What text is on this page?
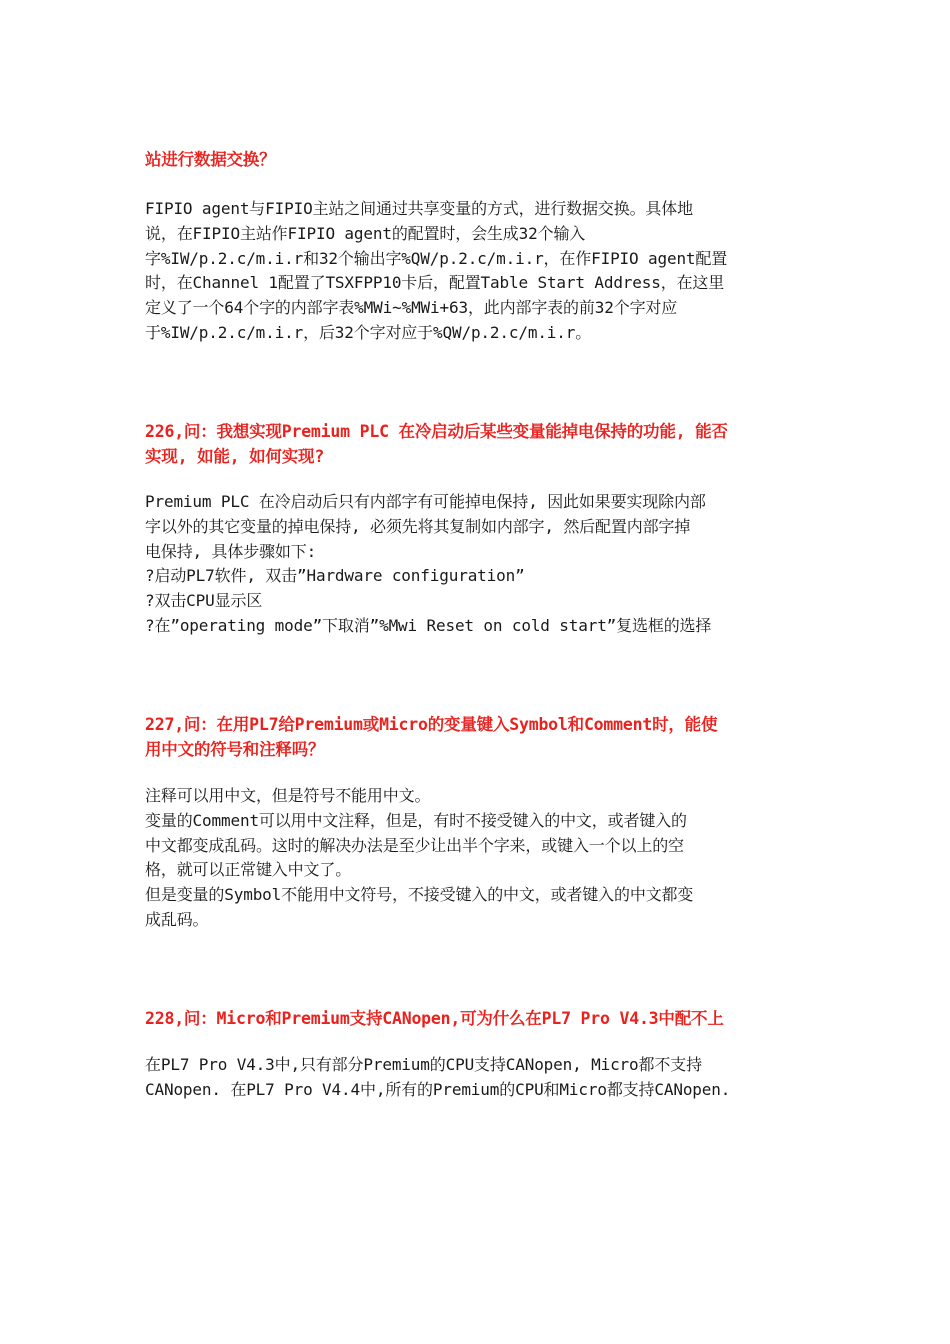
站进行数据交换？
FIPIO agent与FIPIO主站之间通过共享变量的方式，进行数据交换。具体地
说，在FIPIO主站作FIPIO agent的配置时，会生成32个输入
字%IW/p.2.c/m.i.r和32个输出字%QW/p.2.c/m.i.r，在作FIPIO agent配置
时，在Channel 1配置了TSXFPP10卡后，配置Table Start Address，在这里
定义了一个64个字的内部字表%MWi~%MWi+63，此内部字表的前32个字对应
于%IW/p.2.c/m.i.r，后32个字对应于%QW/p.2.c/m.i.r。
226,问：我想实现Premium PLC 在冷启动后某些变量能掉电保持的功能, 能否
实现, 如能, 如何实现?
Premium PLC 在冷启动后只有内部字有可能掉电保持, 因此如果要实现除内部
字以外的其它变量的掉电保持, 必须先将其复制如内部字, 然后配置内部字掉
电保持, 具体步骤如下:
?启动PL7软件, 双击”Hardware configuration”
?双击CPU显示区
?在”operating mode”下取消”%Mwi Reset on cold start”复选框的选择
227,问：在用PL7给Premium或Micro的变量键入Symbol和Comment时，能使
用中文的符号和注释吗？
注释可以用中文，但是符号不能用中文。
变量的Comment可以用中文注释，但是，有时不接受键入的中文，或者键入的
中文都变成乱码。这时的解决办法是至少让出半个字来，或键入一个以上的空
格，就可以正常键入中文了。
但是变量的Symbol不能用中文符号，不接受键入的中文，或者键入的中文都变
成乱码。
228,问：Micro和Premium支持CANopen,可为什么在PL7 Pro V4.3中配不上
在PL7 Pro V4.3中,只有部分Premium的CPU支持CANopen, Micro都不支持
CANopen. 在PL7 Pro V4.4中,所有的Premium的CPU和Micro都支持CANopen.
